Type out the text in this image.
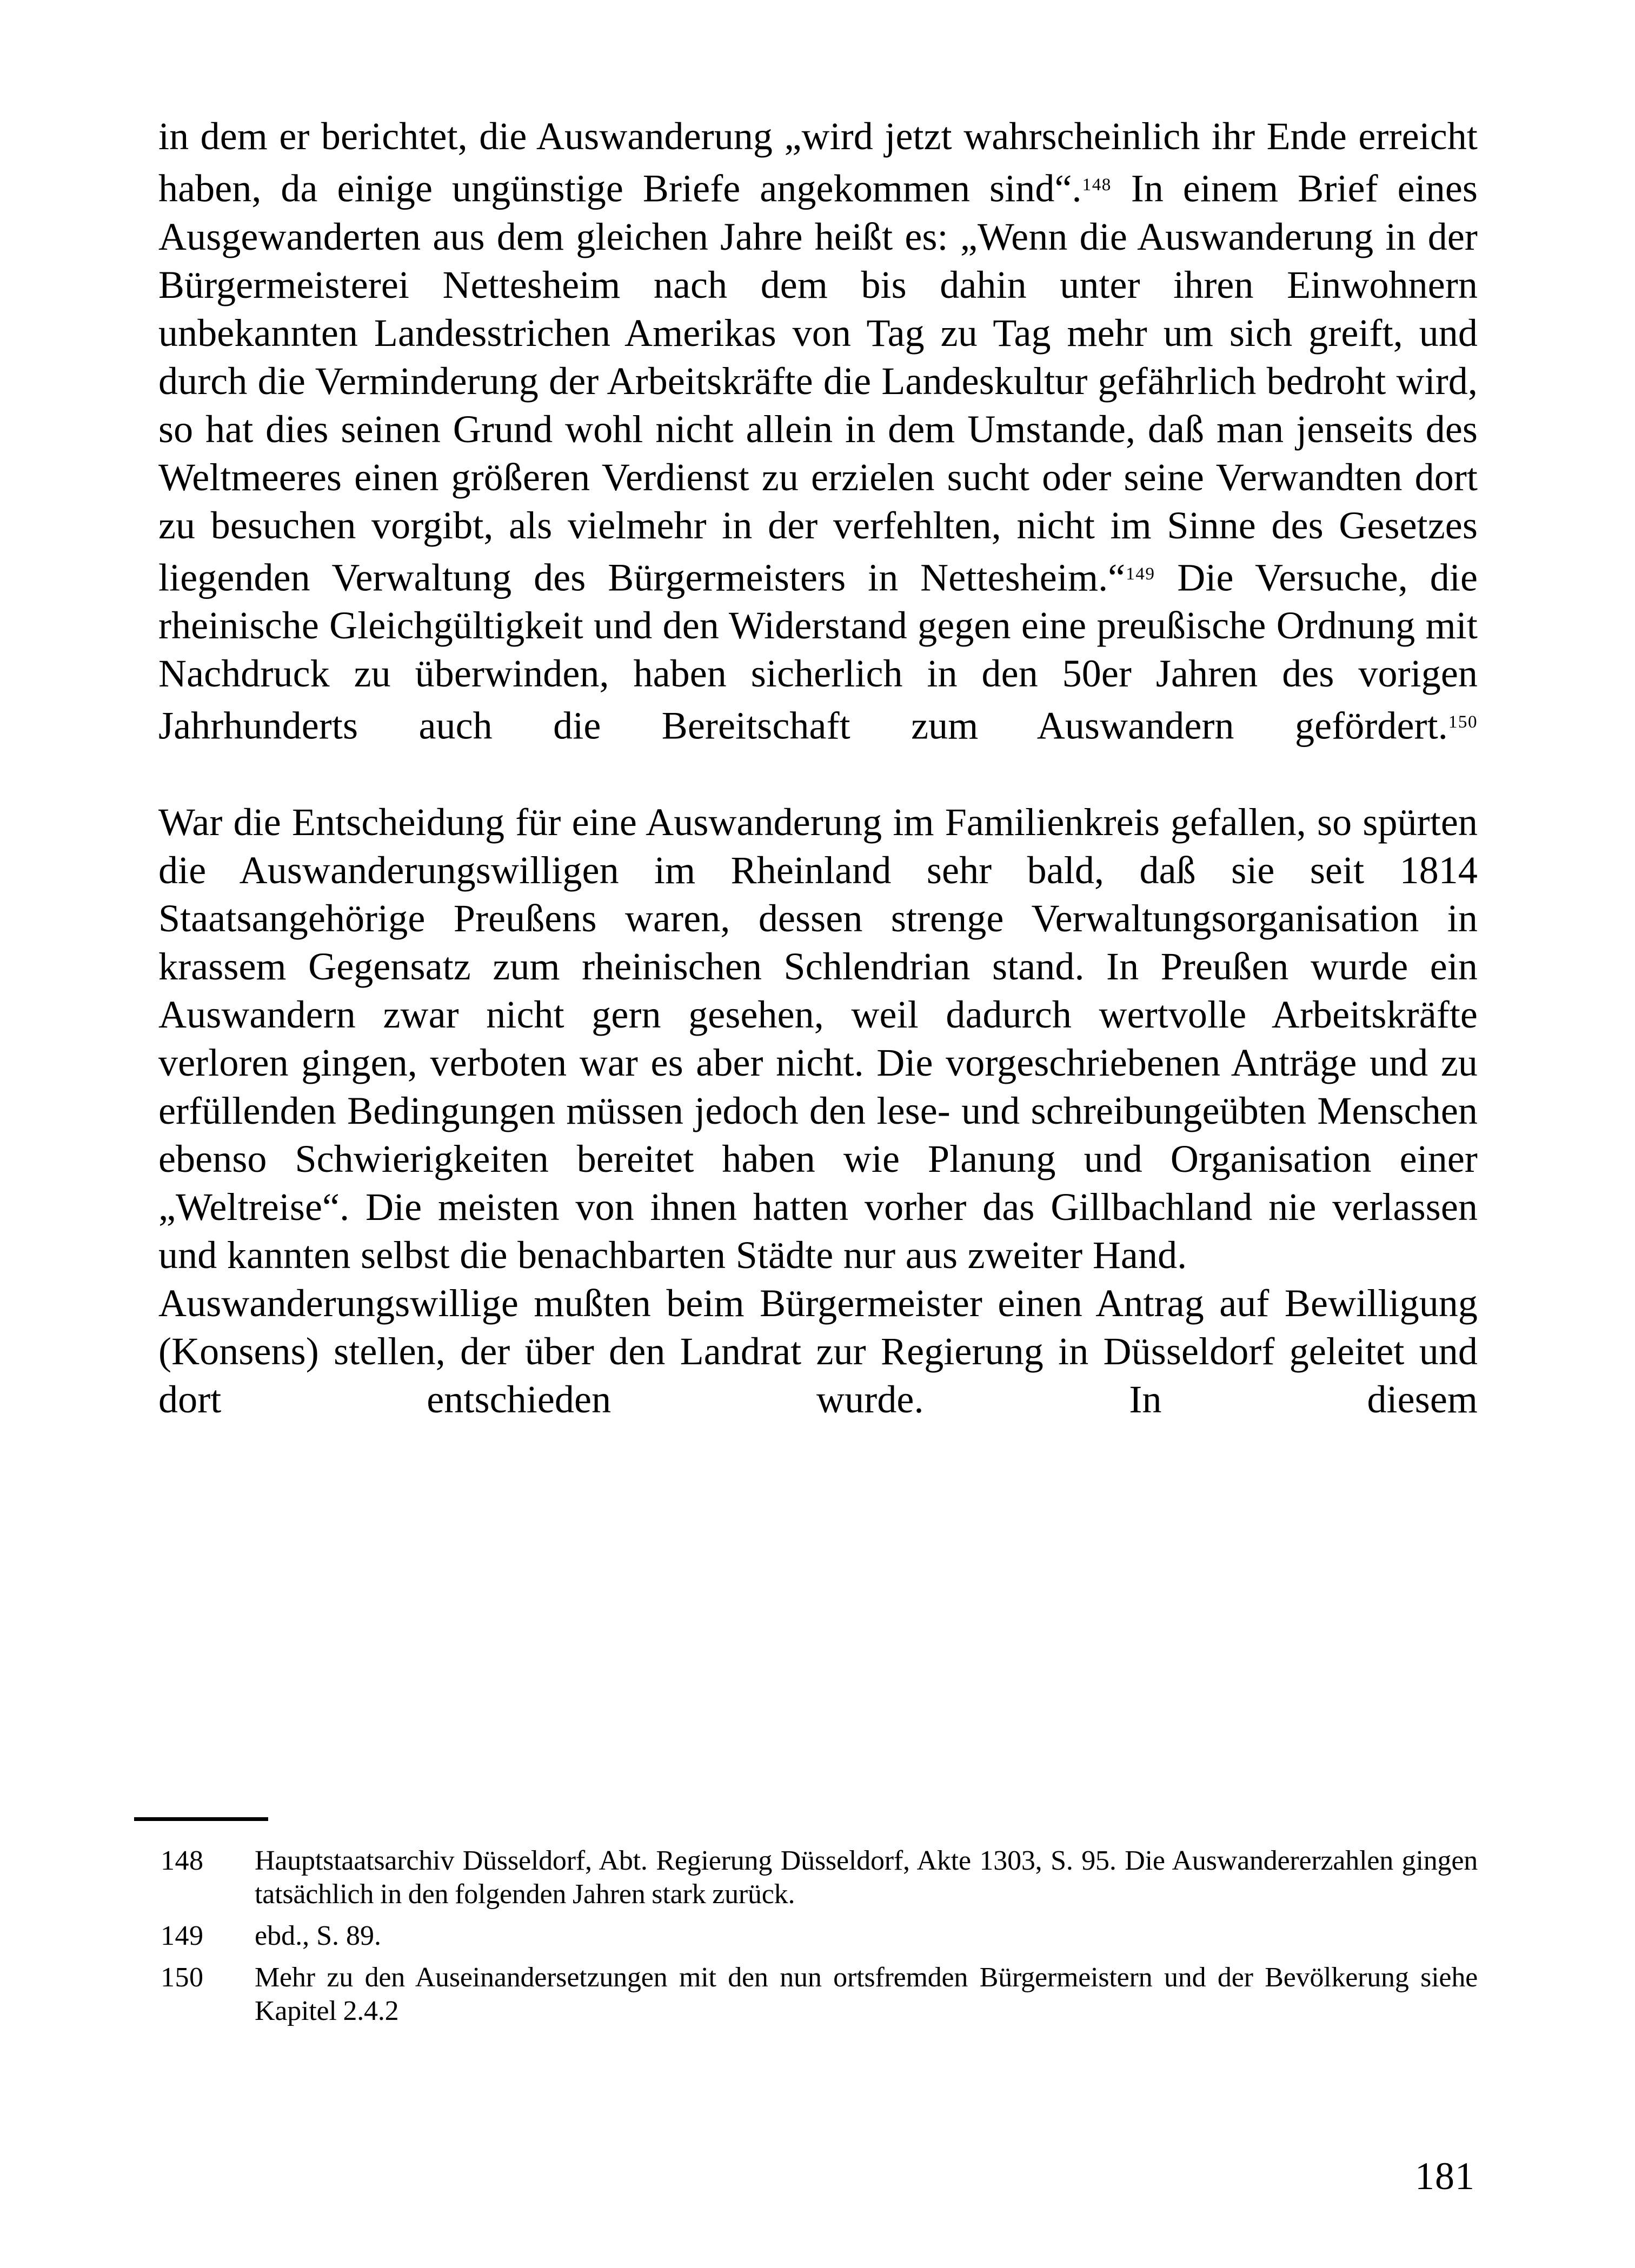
in dem er berichtet, die Auswanderung „wird jetzt wahrscheinlich ihr Ende erreicht haben, da einige ungünstige Briefe angekommen sind“.$^{148}$ In einem Brief eines Ausgewanderten aus dem gleichen Jahre heißt es: „Wenn die Auswanderung in der Bürgermeisterei Nettesheim nach dem bis dahin unter ihren Einwohnern unbekannten Landesstrichen Amerikas von Tag zu Tag mehr um sich greift, und durch die Verminderung der Arbeitskräfte die Landeskultur gefährlich bedroht wird, so hat dies seinen Grund wohl nicht allein in dem Umstande, daß man jenseits des Weltmeeres einen größeren Verdienst zu erzielen sucht oder seine Verwandten dort zu besuchen vorgibt, als vielmehr in der verfehlten, nicht im Sinne des Gesetzes liegenden Verwaltung des Bürgermeisters in Nettesheim.“$^{149}$ Die Versuche, die rheinische Gleichgültigkeit und den Widerstand gegen eine preußische Ordnung mit Nachdruck zu überwinden, haben sicherlich in den 50er Jahren des vorigen Jahrhunderts auch die Bereitschaft zum Auswandern gefördert.$^{150}$

War die Entscheidung für eine Auswanderung im Familienkreis gefallen, so spürten die Auswanderungswilligen im Rheinland sehr bald, daß sie seit 1814 Staatsangehörige Preußens waren, dessen strenge Verwaltungsorganisation in krassem Gegensatz zum rheinischen Schlendrian stand. In Preußen wurde ein Auswandern zwar nicht gern gesehen, weil dadurch wertvolle Arbeitskräfte verloren gingen, verboten war es aber nicht. Die vorgeschriebenen Anträge und zu erfüllenden Bedingungen müssen jedoch den lese- und schreibungeübten Menschen ebenso Schwierigkeiten bereitet haben wie Planung und Organisation einer „Weltreise“. Die meisten von ihnen hatten vorher das Gillbachland nie verlassen und kannten selbst die benachbarten Städte nur aus zweiter Hand.

Auswanderungswillige mußten beim Bürgermeister einen Antrag auf Bewilligung (Konsens) stellen, der über den Landrat zur Regierung in Düsseldorf geleitet und dort entschieden wurde. In diesem

148	Hauptstaatsarchiv Düsseldorf, Abt. Regierung Düsseldorf, Akte 1303, S. 95. Die Auswandererzahlen gingen tatsächlich in den folgenden Jahren stark zurück.
149	ebd., S. 89.
150	Mehr zu den Auseinandersetzungen mit den nun ortsfremden Bürgermeistern und der Bevölkerung siehe Kapitel 2.4.2
181
